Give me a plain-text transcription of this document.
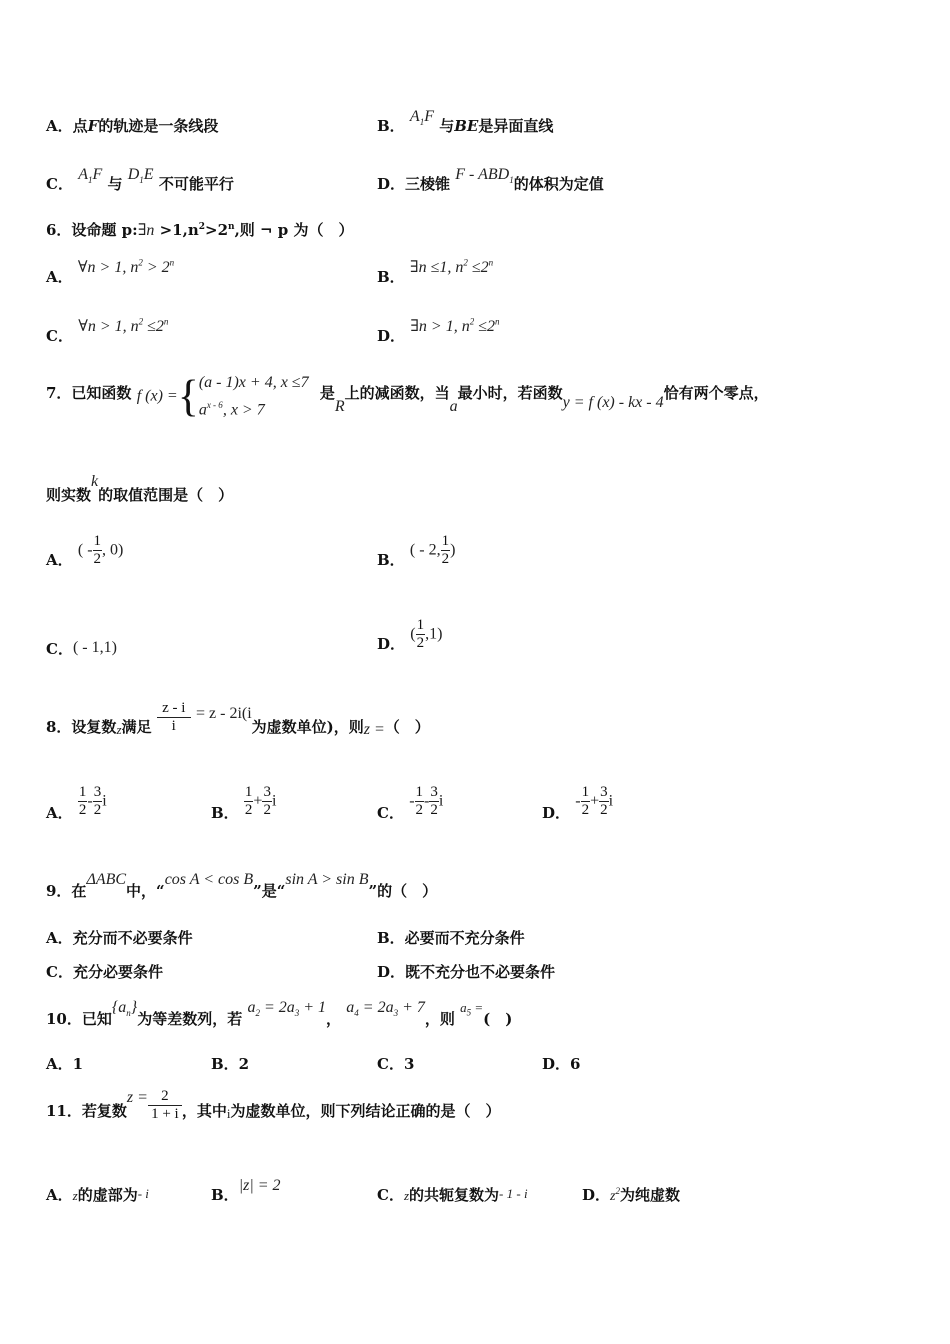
A．点F的轨迹是一条线段	B． $A_1F$ 与BE是异面直线
C． $A_1F$ 与 $D_1E$ 不可能平行	D．三棱锥 F - $ABD_1$的体积为定值
6．设命题 p:∃n $>1,n^2>2^n$,则 ¬ p 为（　）
A． ∀n > 1, $n^2 > 2^n$
B． ∃n ≤1, $n^2 \le 2^n$
C． ∀n > 1, $n^2 \le 2^n$
D． ∃n > 1, $n^2 \le 2^n$
7．已知函数 f (x) ={ (a - 1)x + 4, x ≤7
$a^{x - 6}$, x > 7
是R上的减函数，当a最小时，若函数y = f (x) - kx - 4恰有两个零点，
则实数k的取值范围是（　）
A． ( - $\frac{1}{2}$ , 0)
B． ( - 2, $\frac{1}{2}$ )
C．( - 1,1)	D． ( $\frac{1}{2} ,1$)
8．设复数z满足 $\frac{z - i}{i} = z - 2i(i$为虚数单位)，则z =（　）
A． $\frac{1}{2} - \frac{3}{2}$ i
B． $\frac{1}{2} + \frac{3}{2}$ i
C． - $\frac{1}{2} - \frac{3}{2}$ i
D． - $\frac{1}{2} + \frac{3}{2}$ i
9．在ΔABC中，“cos A < cos B”是“sin A > sin B”的（　）
A．充分而不必要条件	B．必要而不充分条件
C．充分必要条件	D．既不充分也不必要条件
10．已知$\{a_n\}$为等差数列，若 $a_2 = 2a_3 + 1$， $a_4 = 2a_3 + 7$，则 $a_5$ =(　)
A．1	B．2	C．3	D．6
11．若复数$z = \frac{2}{1 + i}$ ，其中i为虚数单位，则下列结论正确的是（　）
A．z的虚部为- i	B．|z| = 2
C．z的共轭复数为- 1 - i	D．$z^2$为纯虚数
